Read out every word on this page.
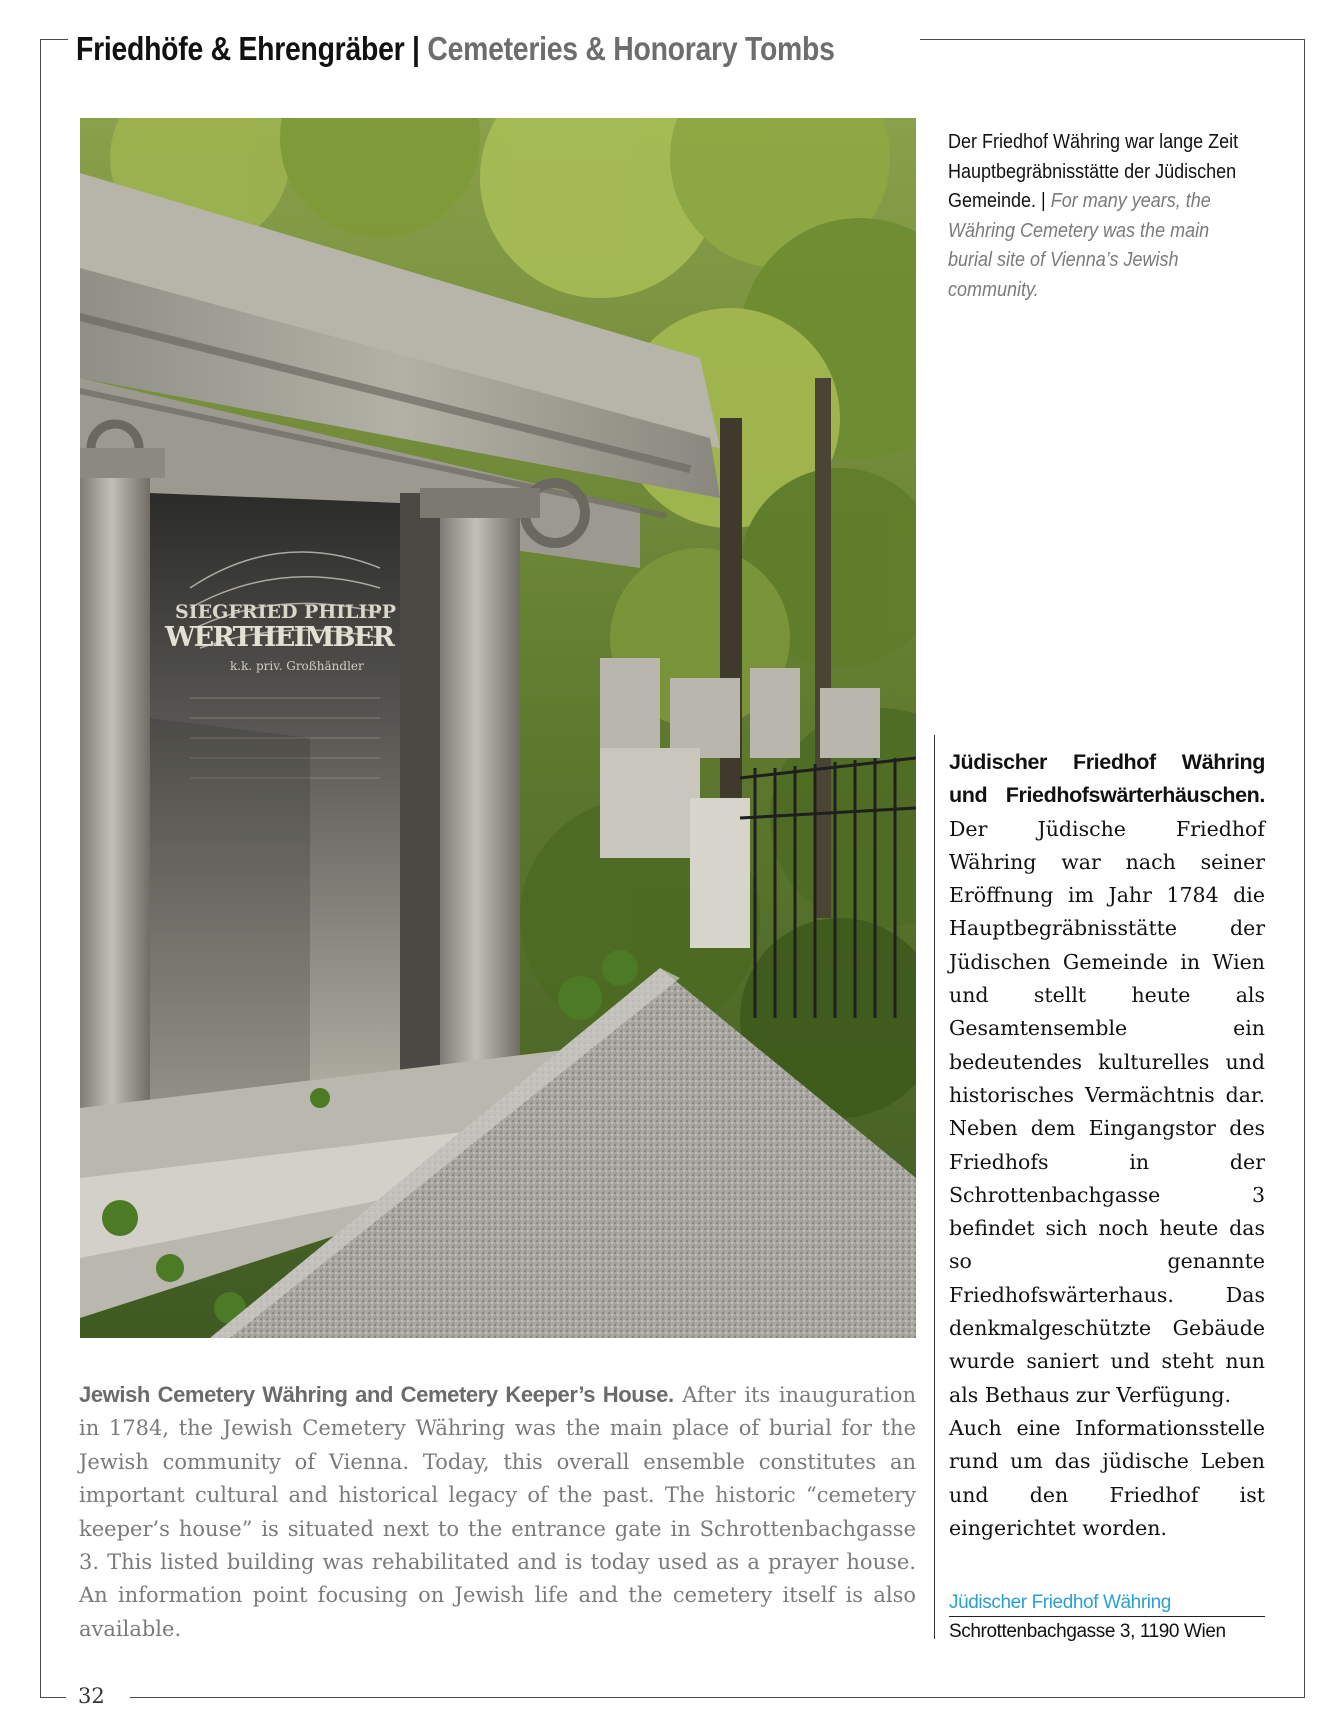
Friedhöfe & Ehrengräber | Cemeteries & Honorary Tombs
SIEGFRIED PHILIPP
WERTHEIMBER
k.k. priv. Großhändler
Der Friedhof Währing war lange Zeit Hauptbegräbnisstätte der Jüdischen Gemeinde. | For many years, the Währing Cemetery was the main burial site of Vienna’s Jewish community.

Jüdischer Friedhof Währing und Friedhofswärterhäuschen. Der Jüdische Friedhof Währing war nach seiner Eröffnung im Jahr 1784 die Hauptbegräbnisstätte der Jüdischen Gemeinde in Wien und stellt heute als Gesamtensemble ein bedeutendes kulturelles und historisches Vermächtnis dar. Neben dem Eingangstor des Friedhofs in der Schrottenbachgasse 3 befindet sich noch heute das so genannte Friedhofswärterhaus. Das denkmalgeschützte Gebäude wurde saniert und steht nun als Bethaus zur Verfügung.

Auch eine Informationsstelle rund um das jüdische Leben und den Friedhof ist eingerichtet worden.

Jüdischer Friedhof Währing
Schrottenbachgasse 3, 1190 Wien
Jewish Cemetery Währing and Cemetery Keeper’s House. After its inauguration in 1784, the Jewish Cemetery Währing was the main place of burial for the Jewish community of Vienna. Today, this overall ensemble constitutes an important cultural and historical legacy of the past. The historic “cemetery keeper’s house” is situated next to the entrance gate in Schrottenbachgasse 3. This listed building was rehabilitated and is today used as a prayer house. An information point focusing on Jewish life and the cemetery itself is also available.
32
